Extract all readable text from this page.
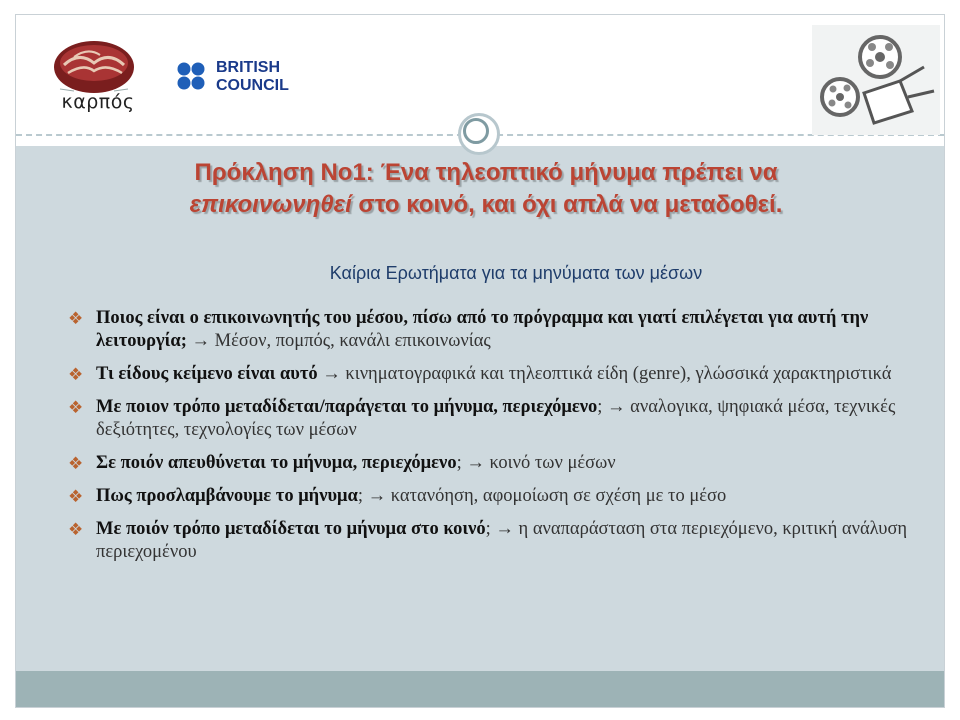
καρπός
BRITISH
COUNCIL
Πρόκληση Νο1: Ένα τηλεοπτικό μήνυμα πρέπει να
επικοινωνηθεί στο κοινό, και όχι απλά να μεταδοθεί.
Καίρια Ερωτήματα για τα μηνύματα των μέσων
❖ Ποιος είναι ο επικοινωνητής του μέσου, πίσω από το πρόγραμμα και γιατί επιλέγεται για αυτή την λειτουργία; → Μέσον, πομπός, κανάλι επικοινωνίας
❖ Τι είδους κείμενο είναι αυτό → κινηματογραφικά και τηλεοπτικά είδη (genre), γλώσσικά χαρακτηριστικά
❖ Με ποιον τρόπο μεταδίδεται/παράγεται το μήνυμα, περιεχόμενο; → αναλογικα, ψηφιακά μέσα, τεχνικές δεξιότητες, τεχνολογίες των μέσων
❖ Σε ποιόν απευθύνεται το μήνυμα, περιεχόμενο; → κοινό των μέσων
❖ Πως προσλαμβάνουμε το μήνυμα; → κατανόηση, αφομοίωση σε σχέση με το μέσο
❖ Με ποιόν τρόπο μεταδίδεται το μήνυμα στο κοινό; → η αναπαράσταση στα περιεχόμενο, κριτική ανάλυση περιεχομένου
